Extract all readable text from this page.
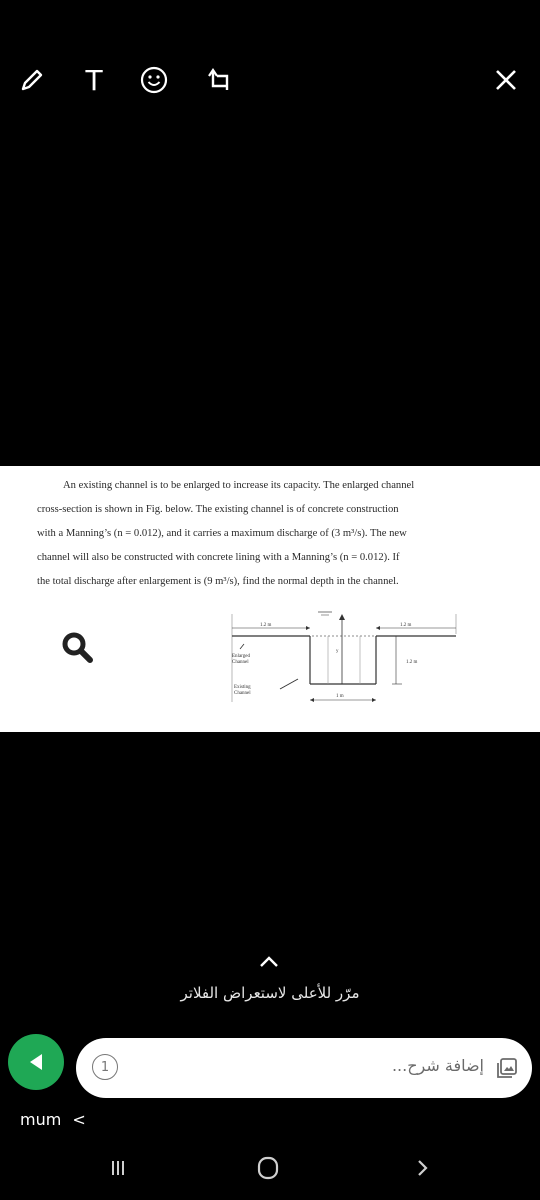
T
An existing channel is to be enlarged to increase its capacity. The enlarged channel
cross-section is shown in Fig. below. The existing channel is of concrete construction
with a Manning’s (n = 0.012), and it carries a maximum discharge of (3 m³/s). The new
channel will also be constructed with concrete lining with a Manning’s (n = 0.012). If
the total discharge after enlargement is (9 m³/s), find the normal depth in the channel.
y
1.2 m	1.2 m
1.2 m
1 m
Enlarged
Channel
Existing
Channel
مرّر للأعلى لاستعراض الفلاتر
1	إضافة شرح...
mum <
